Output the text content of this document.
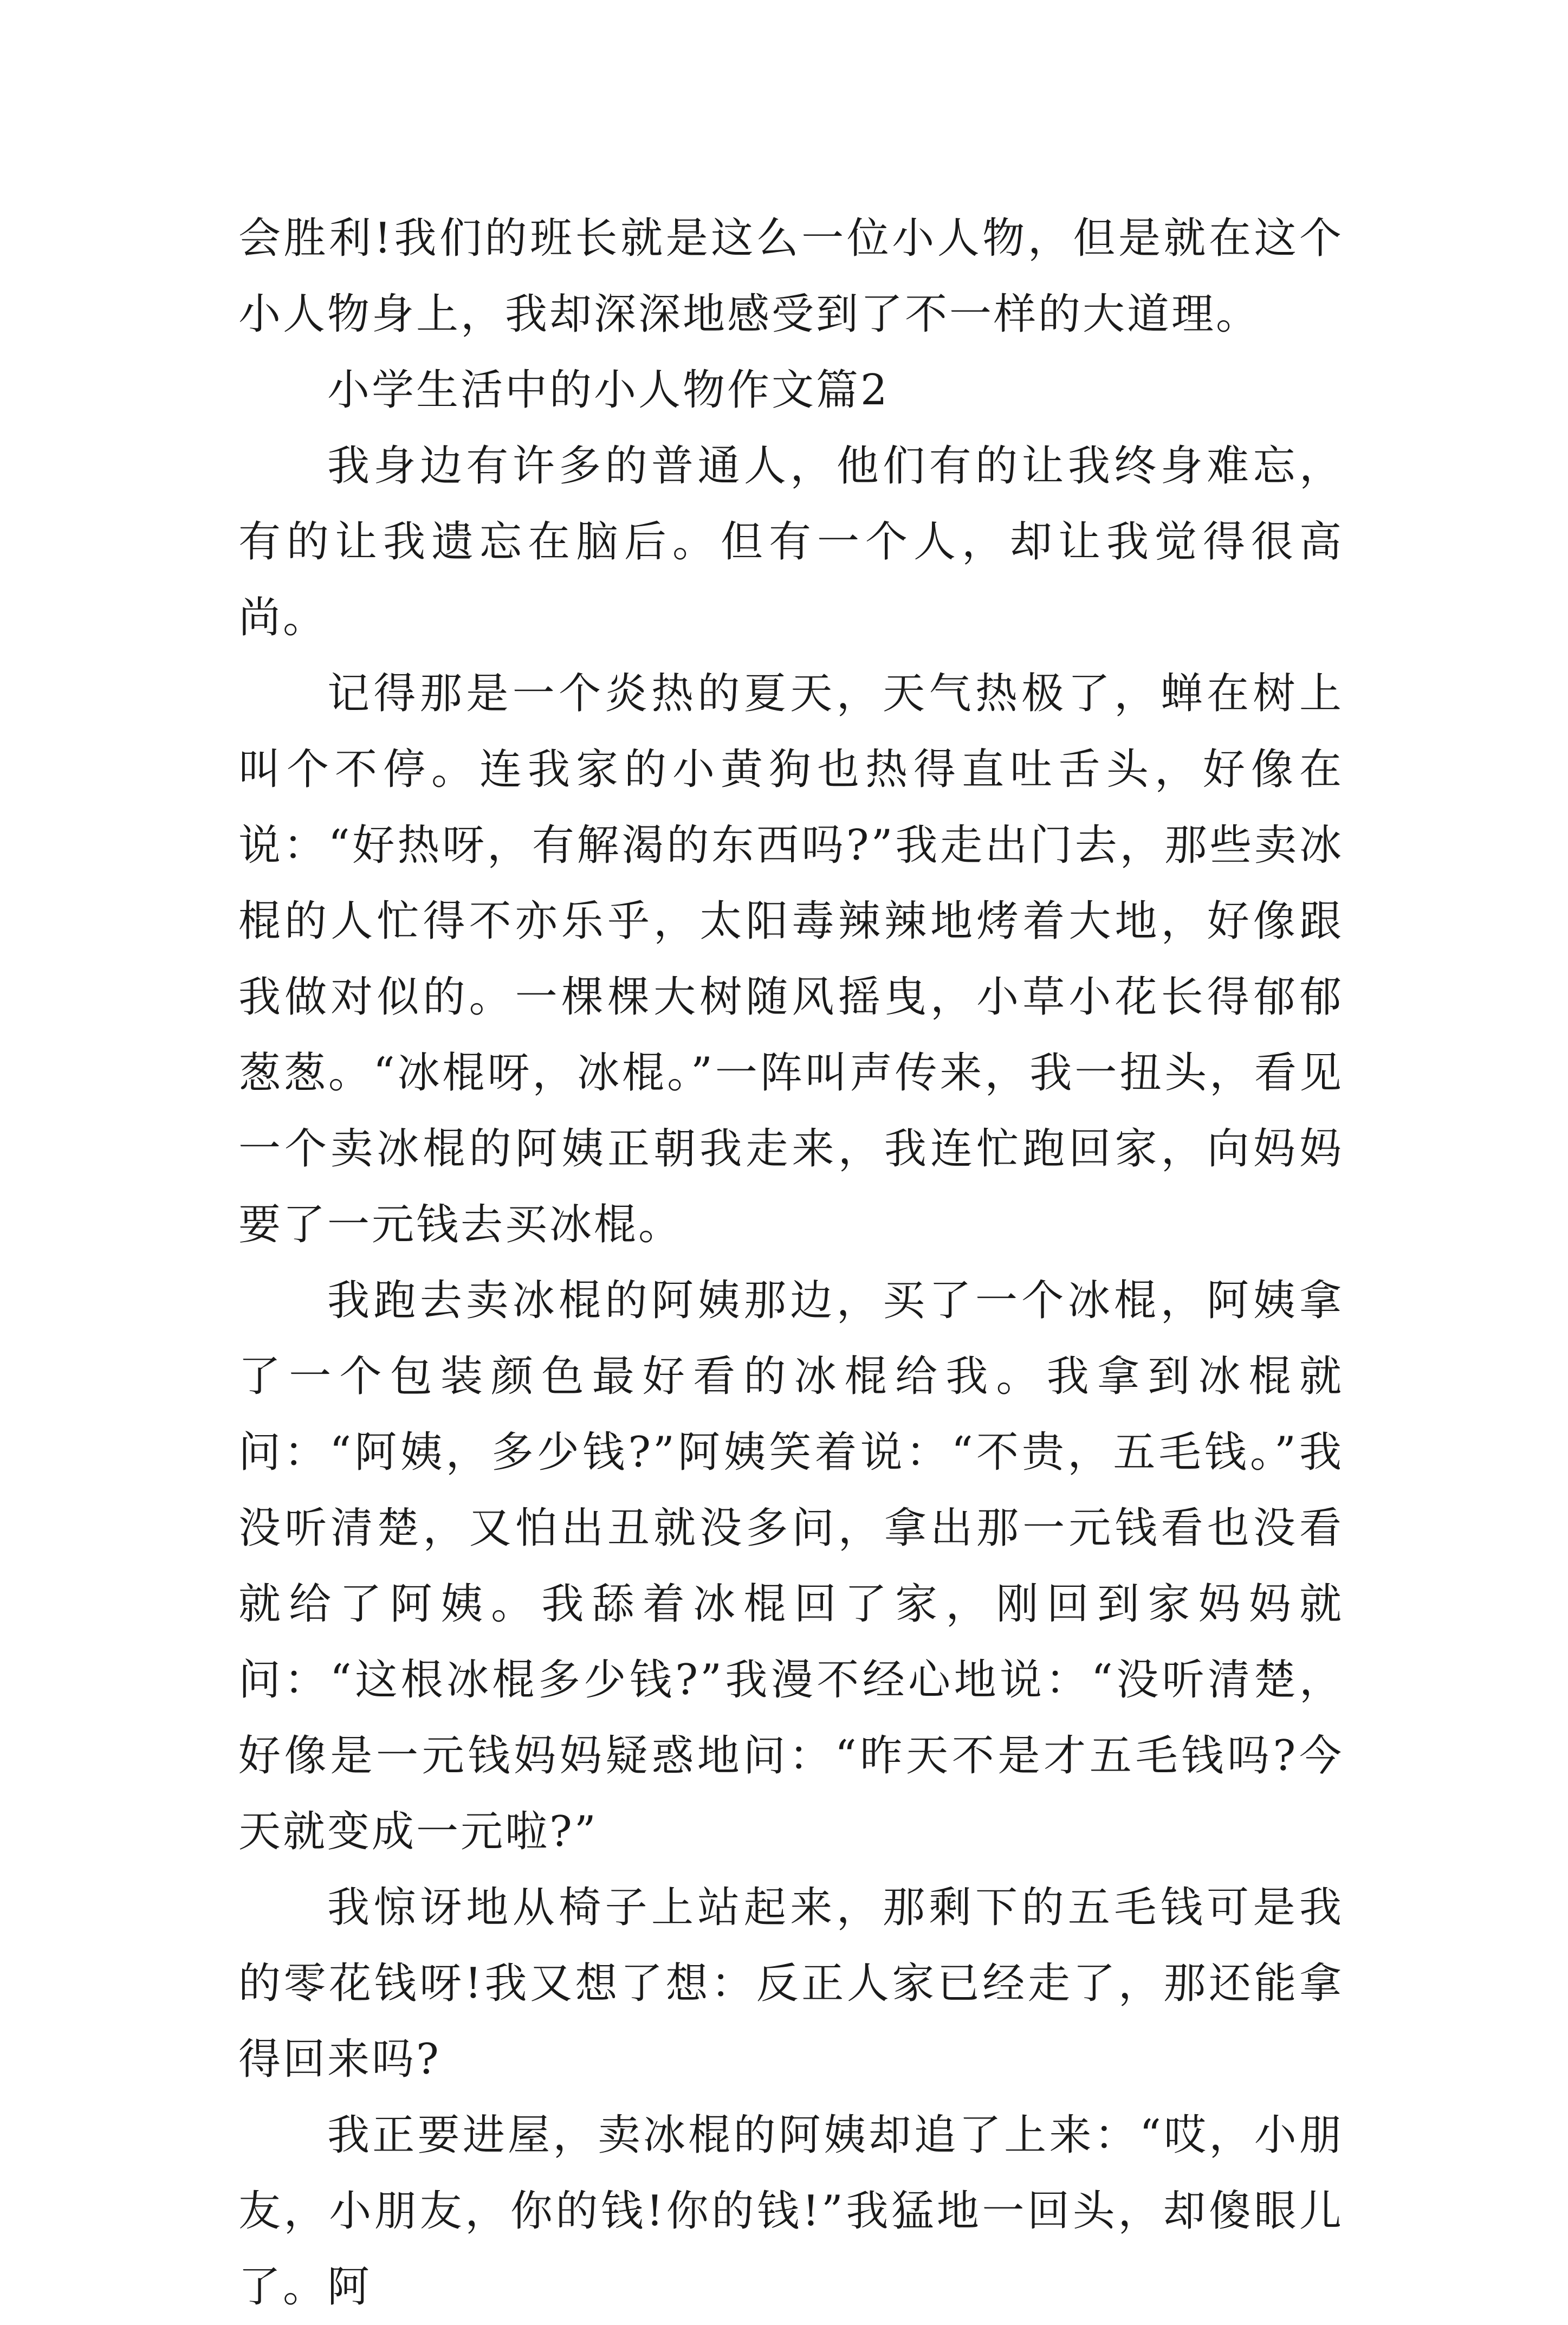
会胜利!我们的班长就是这么一位小人物，但是就在这个小人物身上，我却深深地感受到了不一样的大道理。

小学生活中的小人物作文篇2

我身边有许多的普通人，他们有的让我终身难忘，有的让我遗忘在脑后。但有一个人，却让我觉得很高尚。

记得那是一个炎热的夏天，天气热极了，蝉在树上叫个不停。连我家的小黄狗也热得直吐舌头，好像在说：“好热呀，有解渴的东西吗?”我走出门去，那些卖冰棍的人忙得不亦乐乎，太阳毒辣辣地烤着大地，好像跟我做对似的。一棵棵大树随风摇曳，小草小花长得郁郁葱葱。“冰棍呀，冰棍。”一阵叫声传来，我一扭头，看见一个卖冰棍的阿姨正朝我走来，我连忙跑回家，向妈妈要了一元钱去买冰棍。

我跑去卖冰棍的阿姨那边，买了一个冰棍，阿姨拿了一个包装颜色最好看的冰棍给我。我拿到冰棍就问：“阿姨，多少钱?”阿姨笑着说：“不贵，五毛钱。”我没听清楚，又怕出丑就没多问，拿出那一元钱看也没看就给了阿姨。我舔着冰棍回了家，刚回到家妈妈就问：“这根冰棍多少钱?”我漫不经心地说：“没听清楚，好像是一元钱妈妈疑惑地问：“昨天不是才五毛钱吗?今天就变成一元啦?”

我惊讶地从椅子上站起来，那剩下的五毛钱可是我的零花钱呀!我又想了想：反正人家已经走了，那还能拿得回来吗?

我正要进屋，卖冰棍的阿姨却追了上来：“哎，小朋友，小朋友，你的钱!你的钱!”我猛地一回头，却傻眼儿了。阿
